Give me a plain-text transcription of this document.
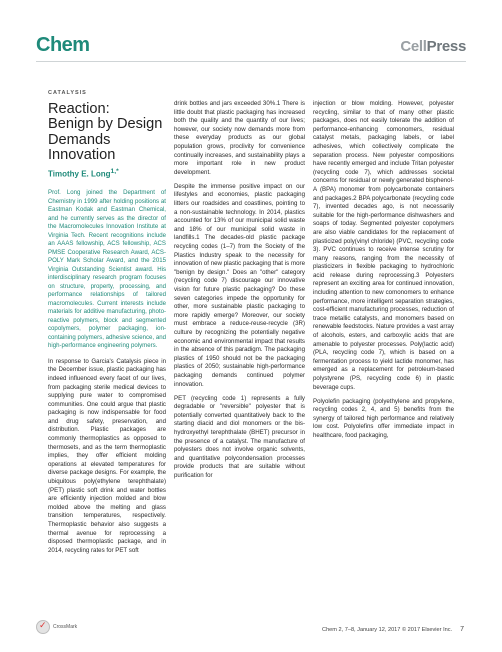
Chem	CellPress
CATALYSIS
Reaction:
Benign by Design
Demands Innovation
Timothy E. Long$^{1,*}$

Prof. Long joined the Department of Chemistry in 1999 after holding positions at Eastman Kodak and Eastman Chemical, and he currently serves as the director of the Macromolecules Innovation Institute at Virginia Tech. Recent recognitions include an AAAS fellowship, ACS fellowship, ACS PMSE Cooperative Research Award, ACS-POLY Mark Scholar Award, and the 2015 Virginia Outstanding Scientist award. His interdisciplinary research program focuses on structure, property, processing, and performance relationships of tailored macromolecules. Current interests include materials for additive manufacturing, photo-reactive polymers, block and segmented copolymers, polymer packaging, ion-containing polymers, adhesive science, and high-performance engineering polymers.

In response to Garcia's Catalysis piece in the December issue, plastic packaging has indeed influenced every facet of our lives, from packaging sterile medical devices to supplying pure water to compromised communities. One could argue that plastic packaging is now indispensable for food and drug safety, preservation, and distribution. Plastic packages are commonly thermoplastics as opposed to thermosets, and as the term thermoplastic implies, they offer efficient molding operations at elevated temperatures for diverse package designs. For example, the ubiquitous poly(ethylene terephthalate) (PET) plastic soft drink and water bottles are efficiently injection molded and blow molded above the melting and glass transition temperatures, respectively. Thermoplastic behavior also suggests a thermal avenue for reprocessing a disposed thermoplastic package, and in 2014, recycling rates for PET soft

drink bottles and jars exceeded 30%.1 There is little doubt that plastic packaging has increased both the quality and the quantity of our lives; however, our society now demands more from these everyday products as our global population grows, proclivity for convenience continually increases, and sustainability plays a more important role in new product development.

Despite the immense positive impact on our lifestyles and economies, plastic packaging litters our roadsides and coastlines, pointing to a non-sustainable technology. In 2014, plastics accounted for 13% of our municipal solid waste and 18% of our municipal solid waste in landfills.1 The decades-old plastic package recycling codes (1–7) from the Society of the Plastics Industry speak to the necessity for innovation of new plastic packaging that is more "benign by design." Does an "other" category (recycling code 7) discourage our innovative vision for future plastic packaging? Do these seven categories impede the opportunity for other, more sustainable plastic packaging to more rapidly emerge? Moreover, our society must embrace a reduce-reuse-recycle (3R) culture by recognizing the potentially negative economic and environmental impact that results in the absence of this paradigm. The packaging plastics of 1950 should not be the packaging plastics of 2050; sustainable high-performance packaging demands continued polymer innovation.

PET (recycling code 1) represents a fully degradable or "reversible" polyester that is potentially converted quantitatively back to the starting diacid and diol monomers or the bis-hydroxyethyl terephthalate (BHET) precursor in the presence of a catalyst. The manufacture of polyesters does not involve organic solvents, and quantitative polycondensation processes provide products that are suitable without purification for

injection or blow molding. However, polyester recycling, similar to that of many other plastic packages, does not easily tolerate the addition of performance-enhancing comonomers, residual catalyst metals, packaging labels, or label adhesives, which collectively complicate the separation process. New polyester compositions have recently emerged and include Tritan polyester (recycling code 7), which addresses societal concerns for residual or newly generated bisphenol-A (BPA) monomer from polycarbonate containers and packages.2 BPA polycarbonate (recycling code 7), invented decades ago, is not necessarily suitable for the high-performance dishwashers and soaps of today. Segmented polyester copolymers are also viable candidates for the replacement of plasticized poly(vinyl chloride) (PVC, recycling code 3). PVC continues to receive intense scrutiny for many reasons, ranging from the necessity of plasticizers in flexible packaging to hydrochloric acid release during reprocessing.3 Polyesters represent an exciting area for continued innovation, including attention to new comonomers to enhance performance, more intelligent separation strategies, cost-efficient manufacturing processes, reduction of trace metallic catalysts, and monomers based on renewable feedstocks. Nature provides a vast array of alcohols, esters, and carboxylic acids that are amenable to polyester processes. Poly(lactic acid) (PLA, recycling code 7), which is based on a fermentation process to yield lactide monomer, has emerged as a replacement for petroleum-based polystyrene (PS, recycling code 6) in plastic beverage cups.

Polyolefin packaging (polyethylene and propylene, recycling codes 2, 4, and 5) benefits from the synergy of tailored high performance and relatively low cost. Polyolefins offer immediate impact in healthcare, food packaging,

✓
CrossMark	Chem 2, 7–8, January 12, 2017 © 2017 Elsevier Inc. 7
